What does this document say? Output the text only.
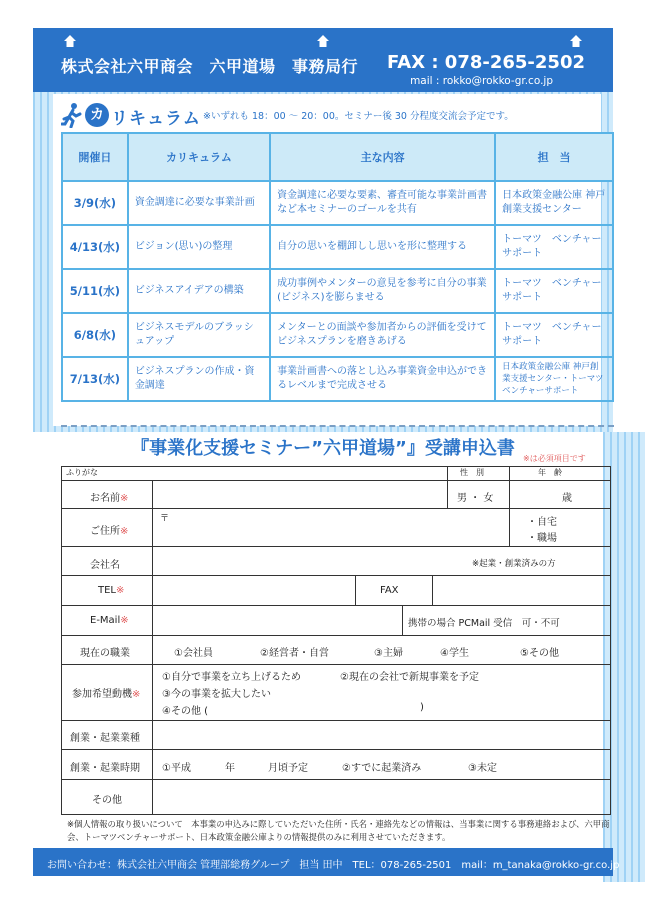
株式会社六甲商会　六甲道場　事務局行 FAX : 078-265-2502
mail : rokko@rokko-gr.co.jp
カ リキュラム ※いずれも 18：00 ～ 20：00。セミナー後 30 分程度交流会予定です。
開催日	カリキュラム	主な内容	担　当
3/9(水)	資金調達に必要な事業計画	資金調達に必要な要素、審査可能な事業計画書など本セミナーのゴールを共有	日本政策金融公庫 神戸創業支援センター
4/13(水)	ビジョン(思い)の整理	自分の思いを棚卸しし思いを形に整理する	トーマツ　ベンチャーサポート
5/11(水)	ビジネスアイデアの構築	成功事例やメンターの意見を参考に自分の事業(ビジネス)を膨らませる	トーマツ　ベンチャーサポート
6/8(水)	ビジネスモデルのブラッシュアップ	メンターとの面談や参加者からの評価を受けてビジネスプランを磨きあげる	トーマツ　ベンチャーサポート
7/13(水)	ビジネスプランの作成・資金調達	事業計画書への落とし込み事業資金申込ができるレベルまで完成させる	日本政策金融公庫 神戸創業支援センター・トーマツ ベンチャーサポート
『事業化支援セミナー”六甲道場”』受講申込書	※は必須項目です
ふりがな	性　別	年　齢
お名前※	男 ・ 女	歳
ご住所※
〒	・自宅
・職場
会社名	※起業・創業済みの方
TEL※	FAX
E-Mail※	携帯の場合 PCMail 受信　可・不可
現在の職業	①会社員	②経営者・自営	③主婦	④学生	⑤その他
参加希望動機※
①自分で事業を立ち上げるため	②現在の会社で新規事業を予定
③今の事業を拡大したい
④その他 (	)
創業・起業業種
創業・起業時期 ①平成	年	月頃予定	②すでに起業済み	③未定
その他
※個人情報の取り扱いについて　本事業の申込みに際していただいた住所・氏名・連絡先などの情報は、当事業に関する事務連絡および、六甲商会、トーマツベンチャーサポート、日本政策金融公庫よりの情報提供のみに利用させていただきます。
お問い合わせ：株式会社六甲商会 管理部総務グループ　担当 田中　TEL：078-265-2501　mail：m_tanaka@rokko-gr.co.jp
